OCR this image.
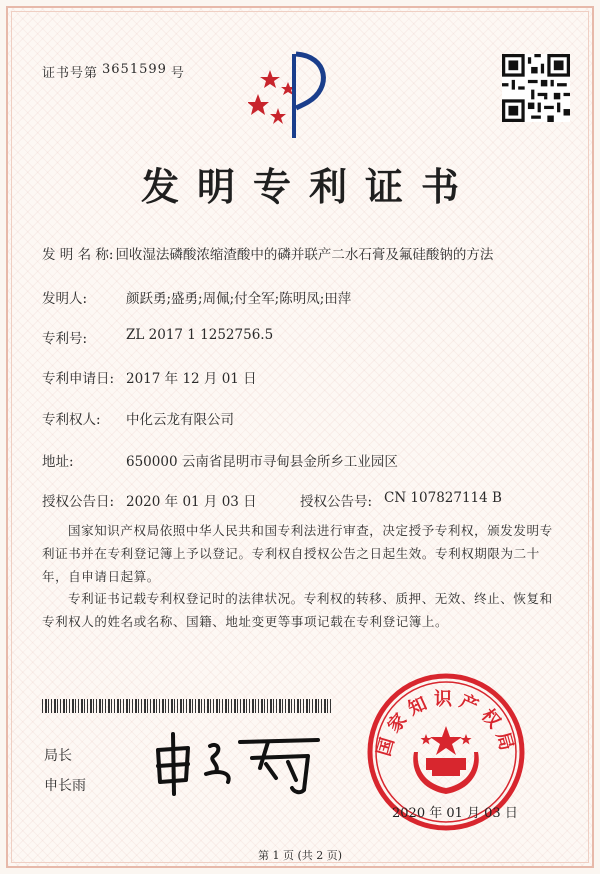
证书号第 3651599 号
发明专利证书
发 明 名 称: 回收湿法磷酸浓缩渣酸中的磷并联产二水石膏及氟硅酸钠的方法
发明人:	颜跃勇;盛勇;周佩;付全军;陈明凤;田萍
专利号:	ZL 2017 1 1252756.5
专利申请日: 2017 年 12 月 01 日
专利权人:	中化云龙有限公司
地址:	650000 云南省昆明市寻甸县金所乡工业园区
授权公告日: 2020 年 01 月 03 日	授权公告号: CN 107827114 B
国家知识产权局依照中华人民共和国专利法进行审查，决定授予专利权，颁发发明专利证书并在专利登记簿上予以登记。专利权自授权公告之日起生效。专利权期限为二十年，自申请日起算。
专利证书记载专利权登记时的法律状况。专利权的转移、质押、无效、终止、恢复和专利权人的姓名或名称、国籍、地址变更等事项记载在专利登记簿上。
局长
申长雨
国家知识产权局
2020 年 01 月 03 日
第 1 页 (共 2 页)
